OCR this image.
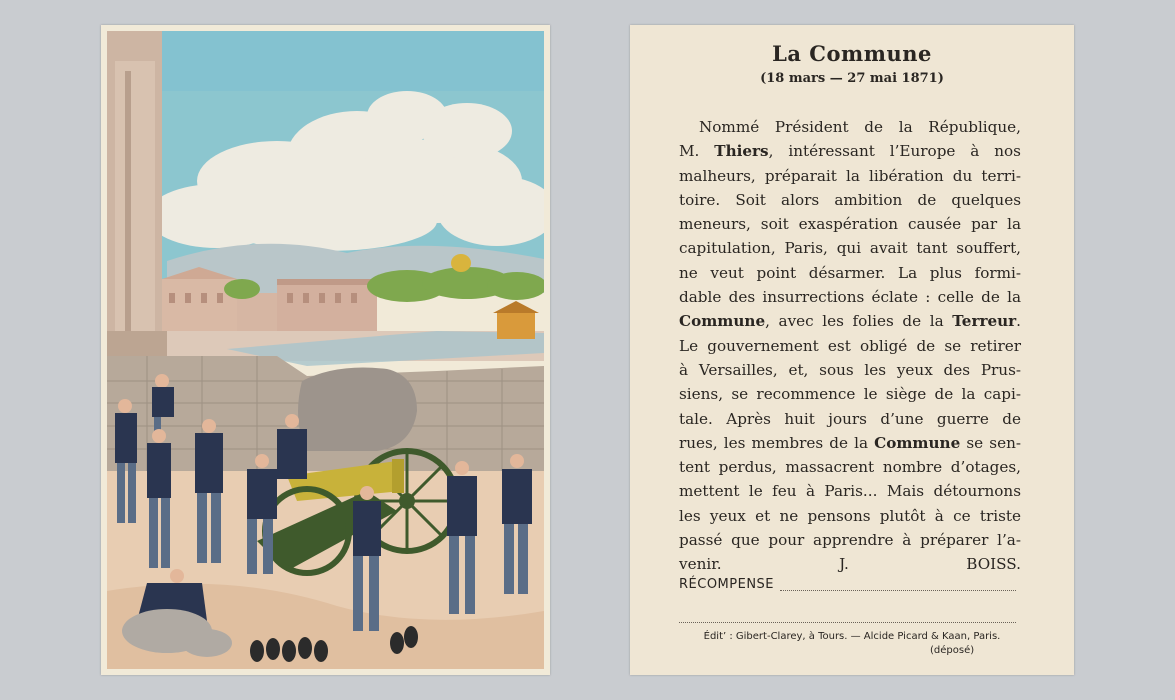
La Commune
(18 mars — 27 mai 1871)
Nommé Président de la République,
M. Thiers, intéressant l’Europe à nos
malheurs, préparait la libération du terri-
toire. Soit alors ambition de quelques
meneurs, soit exaspération causée par la
capitulation, Paris, qui avait tant souffert,
ne veut point désarmer. La plus formi-
dable des insurrections éclate : celle de la
Commune, avec les folies de la Terreur.
Le gouvernement est obligé de se retirer
à Versailles, et, sous les yeux des Prus-
siens, se recommence le siège de la capi-
tale. Après huit jours d’une guerre de
rues, les membres de la Commune se sen-
tent perdus, massacrent nombre d’otages,
mettent le feu à Paris... Mais détournons
les yeux et ne pensons plutôt à ce triste
passé que pour apprendre à préparer l’a-
venir.	J. BOISS.
RÉCOMPENSE
Édit’ : Gibert-Clarey, à Tours. — Alcide Picard & Kaan, Paris.
(déposé)
